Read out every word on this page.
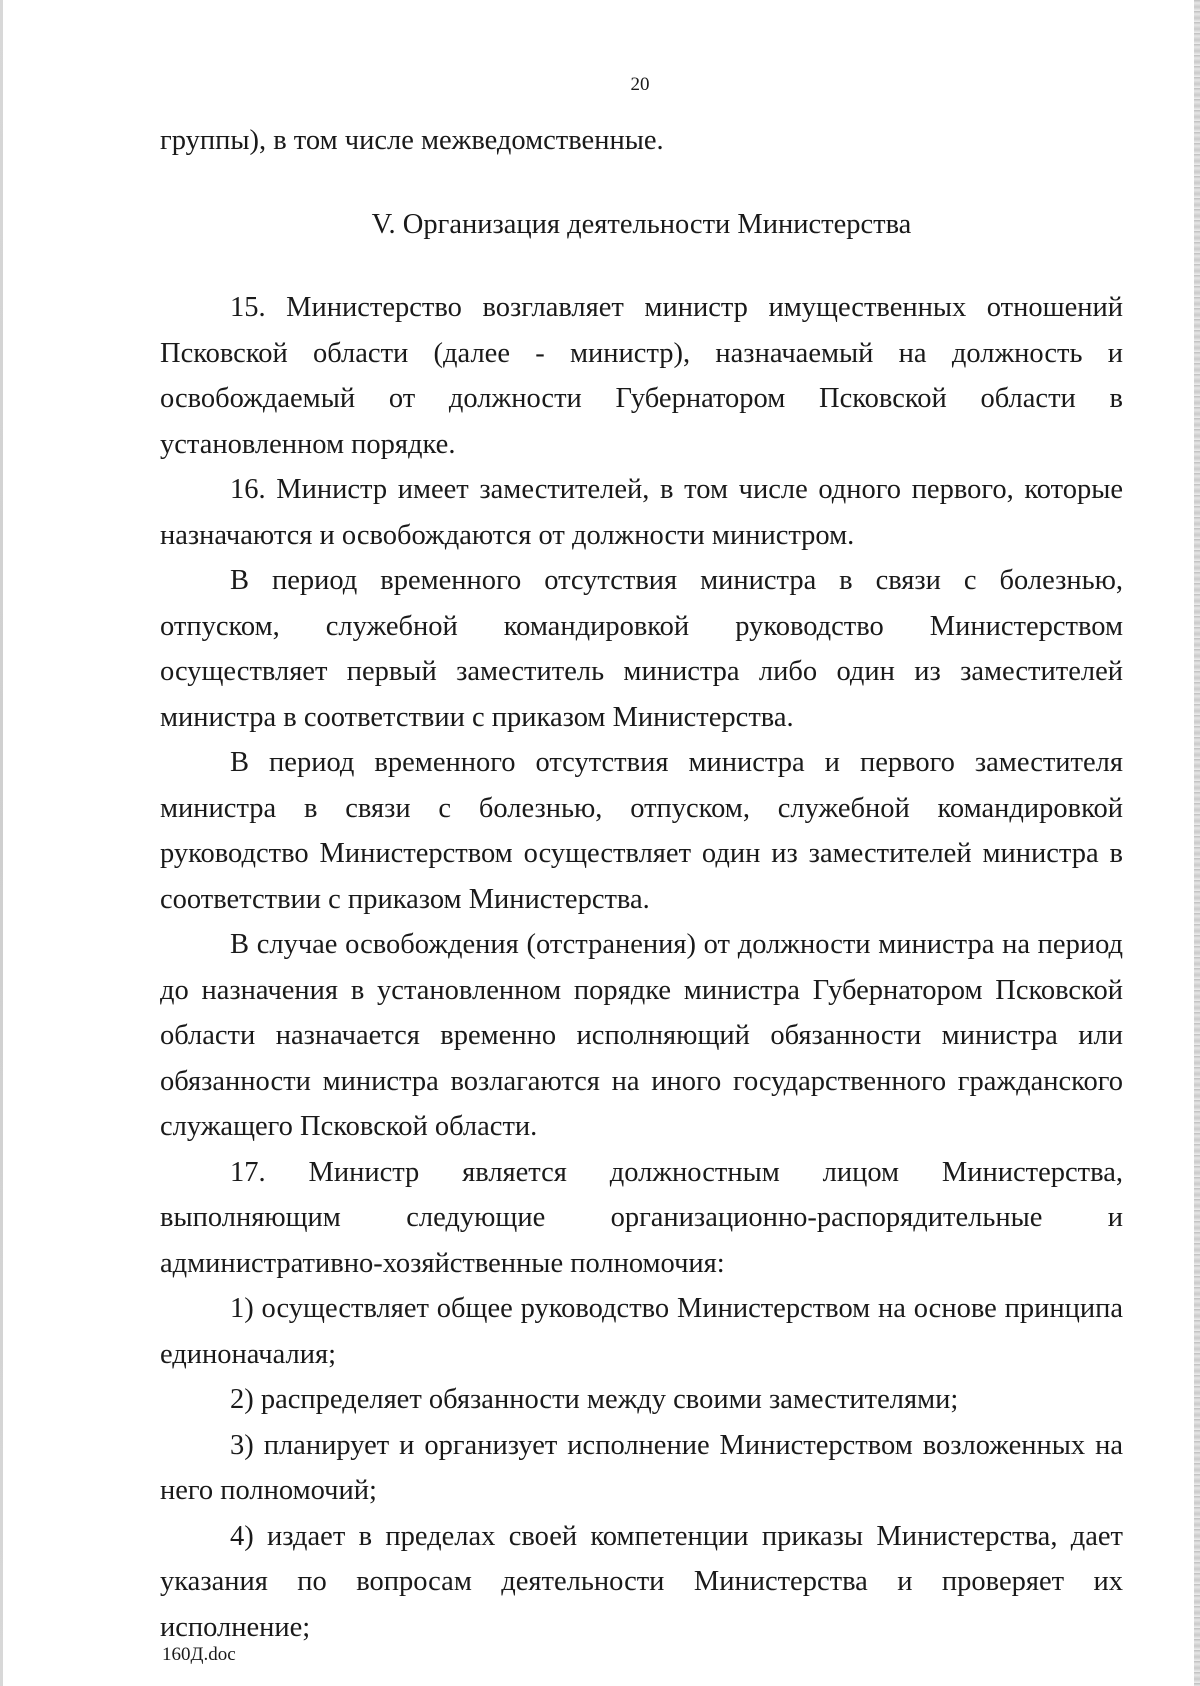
20

группы), в том числе межведомственные.

V. Организация деятельности Министерства

15. Министерство возглавляет министр имущественных отношений Псковской области (далее - министр), назначаемый на должность и освобождаемый от должности Губернатором Псковской области в установленном порядке.

16. Министр имеет заместителей, в том числе одного первого, которые назначаются и освобождаются от должности министром.

В период временного отсутствия министра в связи с болезнью, отпуском, служебной командировкой руководство Министерством осуществляет первый заместитель министра либо один из заместителей министра в соответствии с приказом Министерства.

В период временного отсутствия министра и первого заместителя министра в связи с болезнью, отпуском, служебной командировкой руководство Министерством осуществляет один из заместителей министра в соответствии с приказом Министерства.

В случае освобождения (отстранения) от должности министра на период до назначения в установленном порядке министра Губернатором Псковской области назначается временно исполняющий обязанности министра или обязанности министра возлагаются на иного государственного гражданского служащего Псковской области.

17. Министр является должностным лицом Министерства, выполняющим следующие организационно-распорядительные и административно-хозяйственные полномочия:

1) осуществляет общее руководство Министерством на основе принципа единоначалия;

2) распределяет обязанности между своими заместителями;

3) планирует и организует исполнение Министерством возложенных на него полномочий;

4) издает в пределах своей компетенции приказы Министерства, дает указания по вопросам деятельности Министерства и проверяет их исполнение;

160Д.doc
